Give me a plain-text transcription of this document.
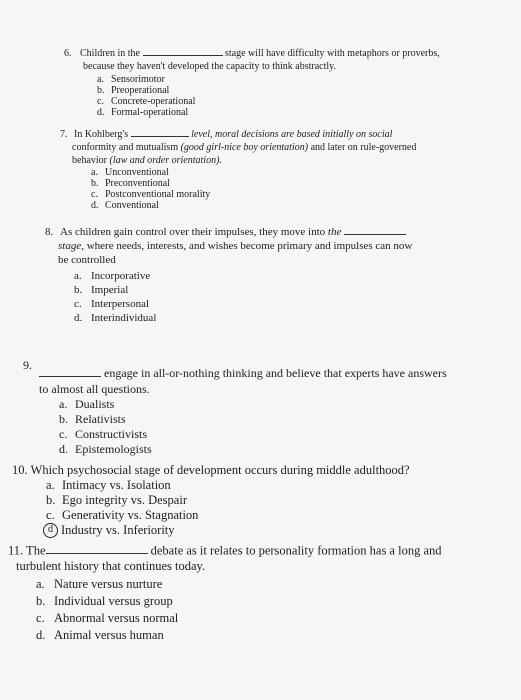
6. Children in the	stage will have difficulty with metaphors or proverbs,
because they haven't developed the capacity to think abstractly.
a. Sensorimotor
b. Preoperational
c. Concrete-operational
d. Formal-operational
7. In Kohlberg's	level, moral decisions are based initially on social
conformity and mutualism (good girl-nice boy orientation) and later on rule-governed
behavior (law and order orientation).
a. Unconventional
b. Preconventional
c. Postconventional morality
d. Conventional
8. As children gain control over their impulses, they move into the
stage, where needs, interests, and wishes become primary and impulses can now
be controlled
a. Incorporative
b. Imperial
c. Interpersonal
d. Interindividual
9.
engage in all-or-nothing thinking and believe that experts have answers
to almost all questions.
a. Dualists
b. Relativists
c. Constructivists
d. Epistemologists
10. Which psychosocial stage of development occurs during middle adulthood?
a. Intimacy vs. Isolation
b. Ego integrity vs. Despair
c. Generativity vs. Stagnation
d Industry vs. Inferiority
11. The	debate as it relates to personality formation has a long and
turbulent history that continues today.
a. Nature versus nurture
b. Individual versus group
c. Abnormal versus normal
d. Animal versus human
